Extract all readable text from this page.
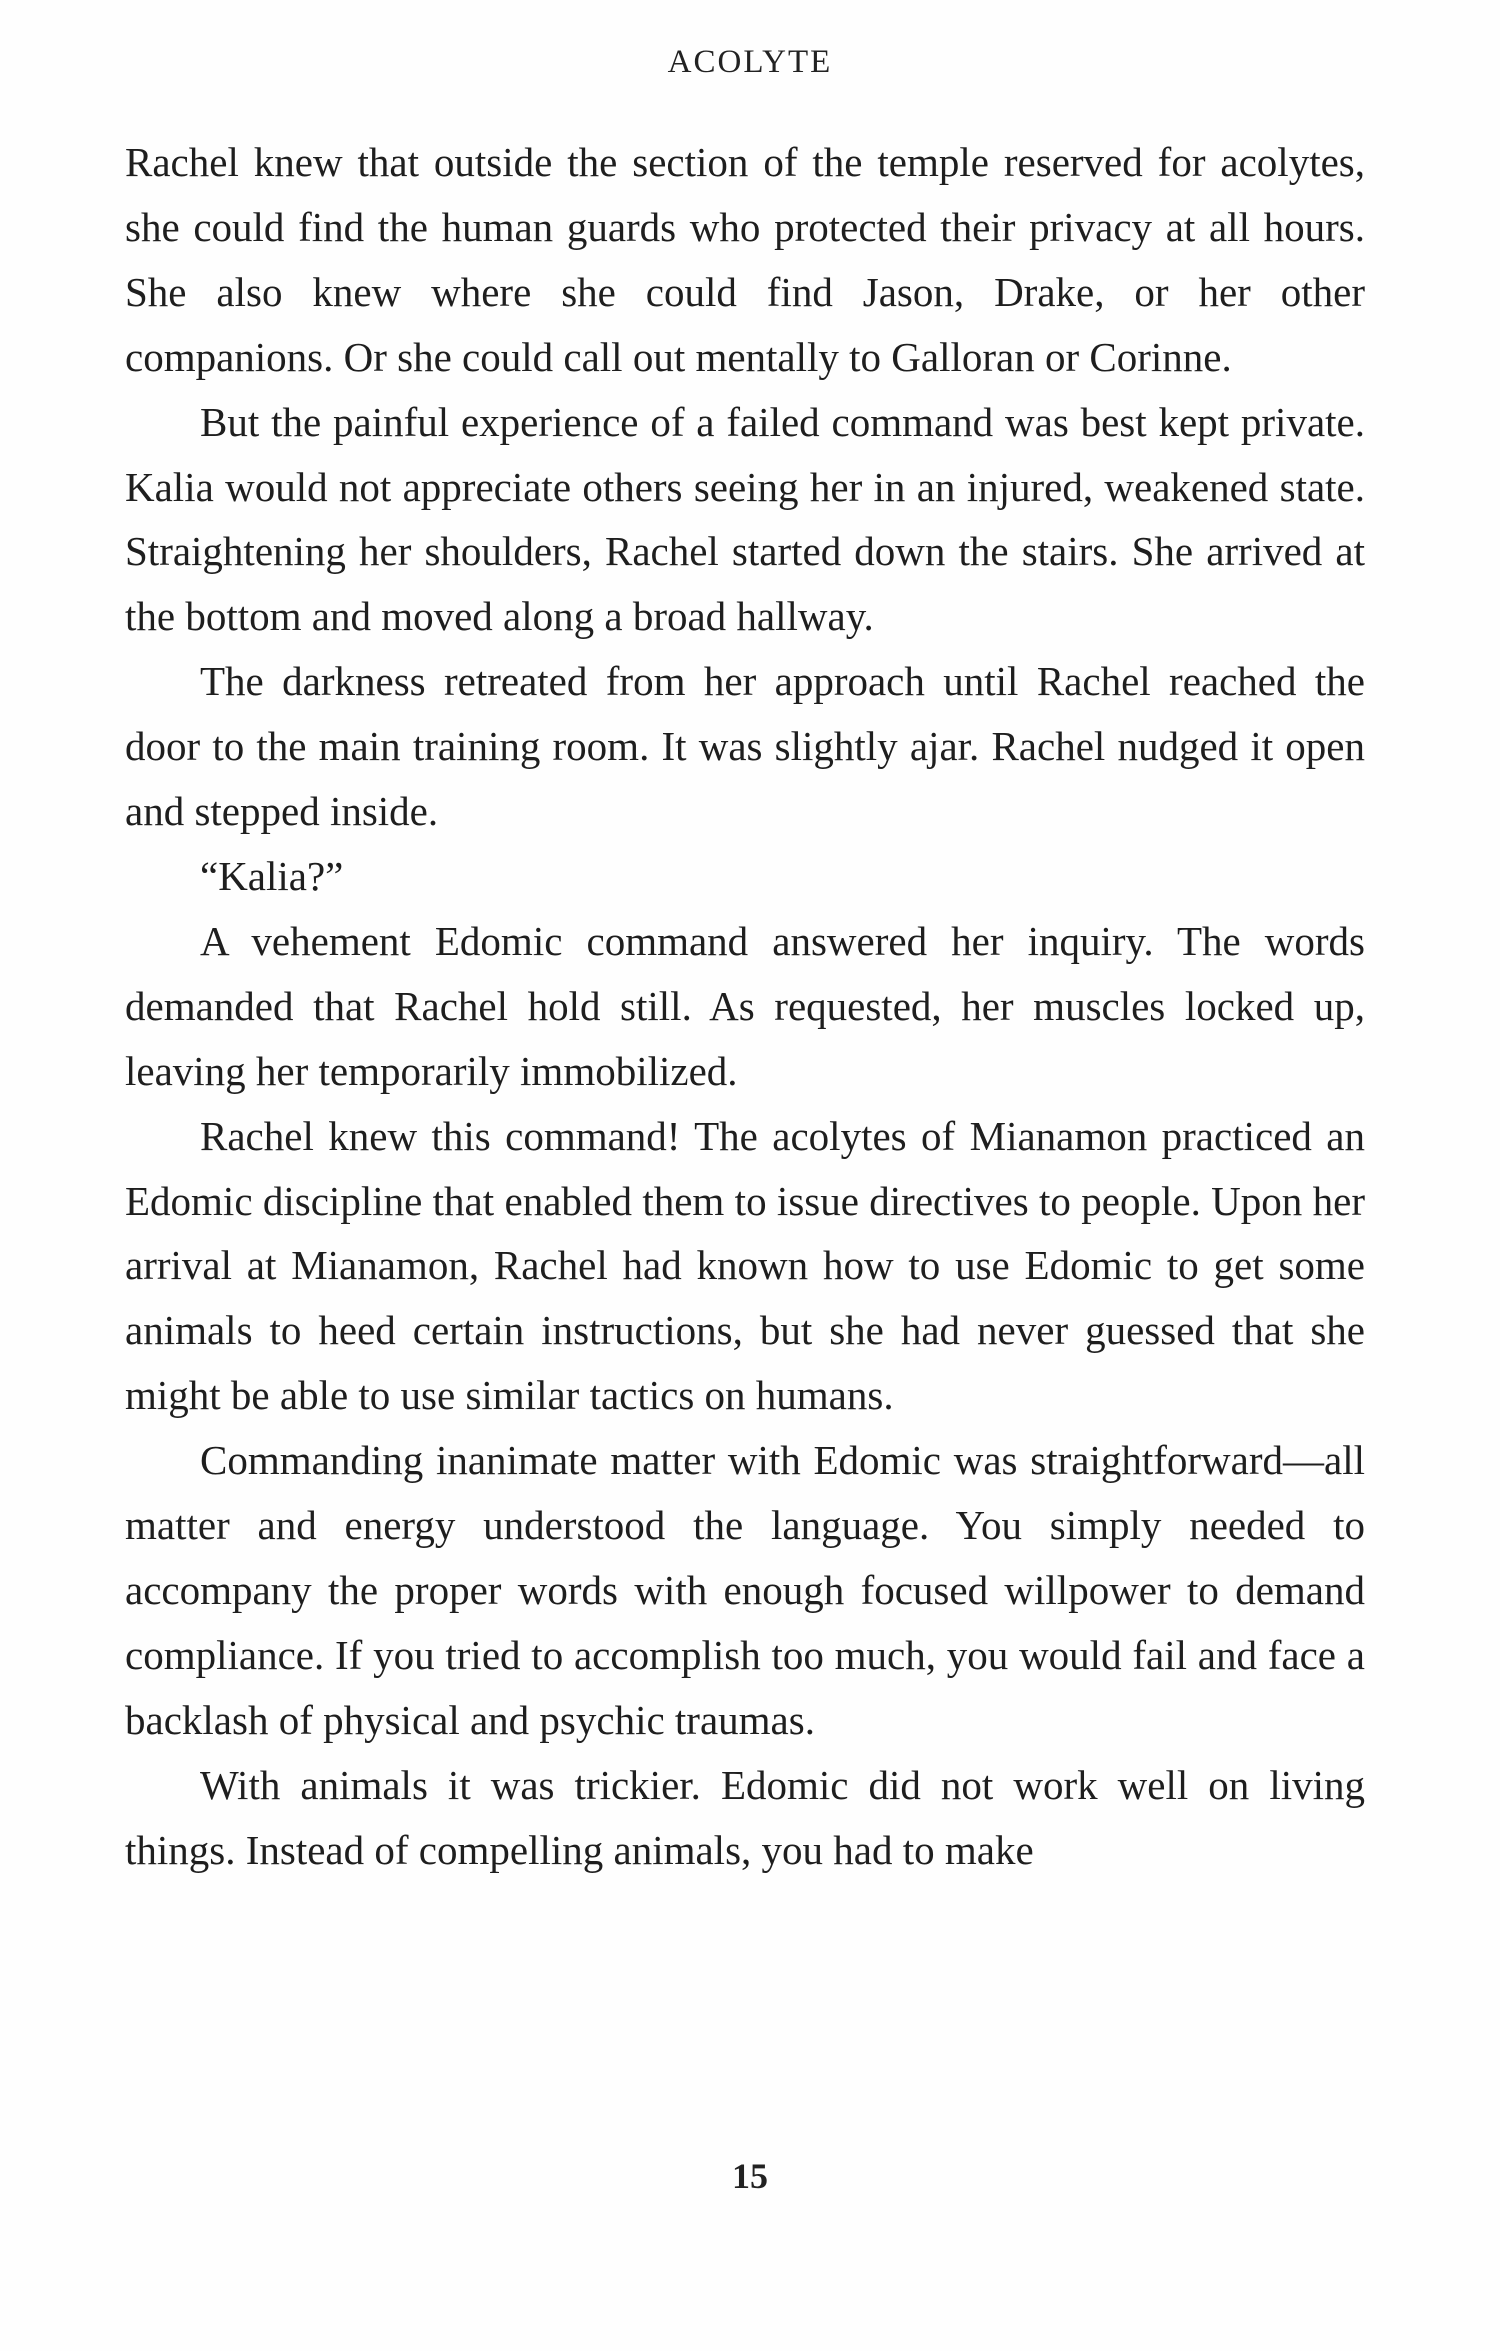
ACOLYTE

Rachel knew that outside the section of the temple reserved for acolytes, she could find the human guards who protected their privacy at all hours. She also knew where she could find Jason, Drake, or her other companions. Or she could call out mentally to Galloran or Corinne.

But the painful experience of a failed command was best kept private. Kalia would not appreciate others seeing her in an injured, weakened state. Straightening her shoulders, Rachel started down the stairs. She arrived at the bottom and moved along a broad hallway.

The darkness retreated from her approach until Rachel reached the door to the main training room. It was slightly ajar. Rachel nudged it open and stepped inside.

“Kalia?”

A vehement Edomic command answered her inquiry. The words demanded that Rachel hold still. As requested, her muscles locked up, leaving her temporarily immobilized.

Rachel knew this command! The acolytes of Mianamon practiced an Edomic discipline that enabled them to issue directives to people. Upon her arrival at Mianamon, Rachel had known how to use Edomic to get some animals to heed certain instructions, but she had never guessed that she might be able to use similar tactics on humans.

Commanding inanimate matter with Edomic was straightforward—all matter and energy understood the language. You simply needed to accompany the proper words with enough focused willpower to demand compliance. If you tried to accomplish too much, you would fail and face a backlash of physical and psychic traumas.

With animals it was trickier. Edomic did not work well on living things. Instead of compelling animals, you had to make

15
